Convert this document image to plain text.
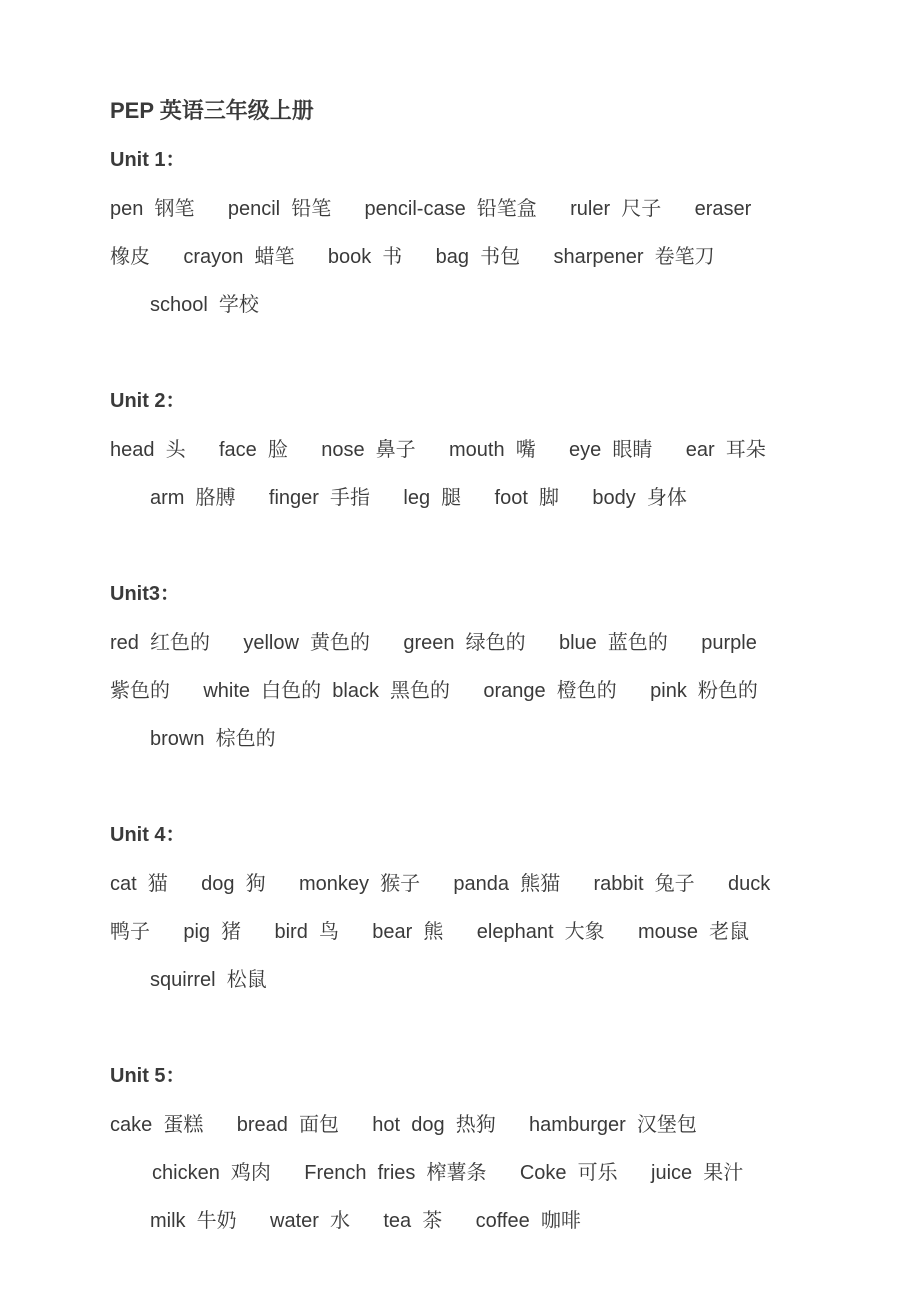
PEP 英语三年级上册
Unit 1：
pen  钢笔      pencil  铅笔      pencil-case  铅笔盒      ruler  尺子      eraser
橡皮      crayon  蜡笔      book  书      bag  书包      sharpener  卷笔刀
school  学校
Unit 2：
head  头      face  脸      nose  鼻子      mouth  嘴      eye  眼睛      ear  耳朵
arm  胳膊      finger  手指      leg  腿      foot  脚      body  身体
Unit3：
red  红色的      yellow  黄色的      green  绿色的      blue  蓝色的      purple
紫色的      white  白色的  black  黑色的      orange  橙色的      pink  粉色的
brown  棕色的
Unit 4：
cat  猫      dog  狗      monkey  猴子      panda  熊猫      rabbit  兔子      duck
鸭子      pig  猪      bird  鸟      bear  熊      elephant  大象      mouse  老鼠
squirrel  松鼠
Unit 5：
cake  蛋糕      bread  面包      hot  dog  热狗      hamburger  汉堡包
chicken  鸡肉      French  fries  榨薯条      Coke  可乐      juice  果汁
milk  牛奶      water  水      tea  茶      coffee  咖啡
